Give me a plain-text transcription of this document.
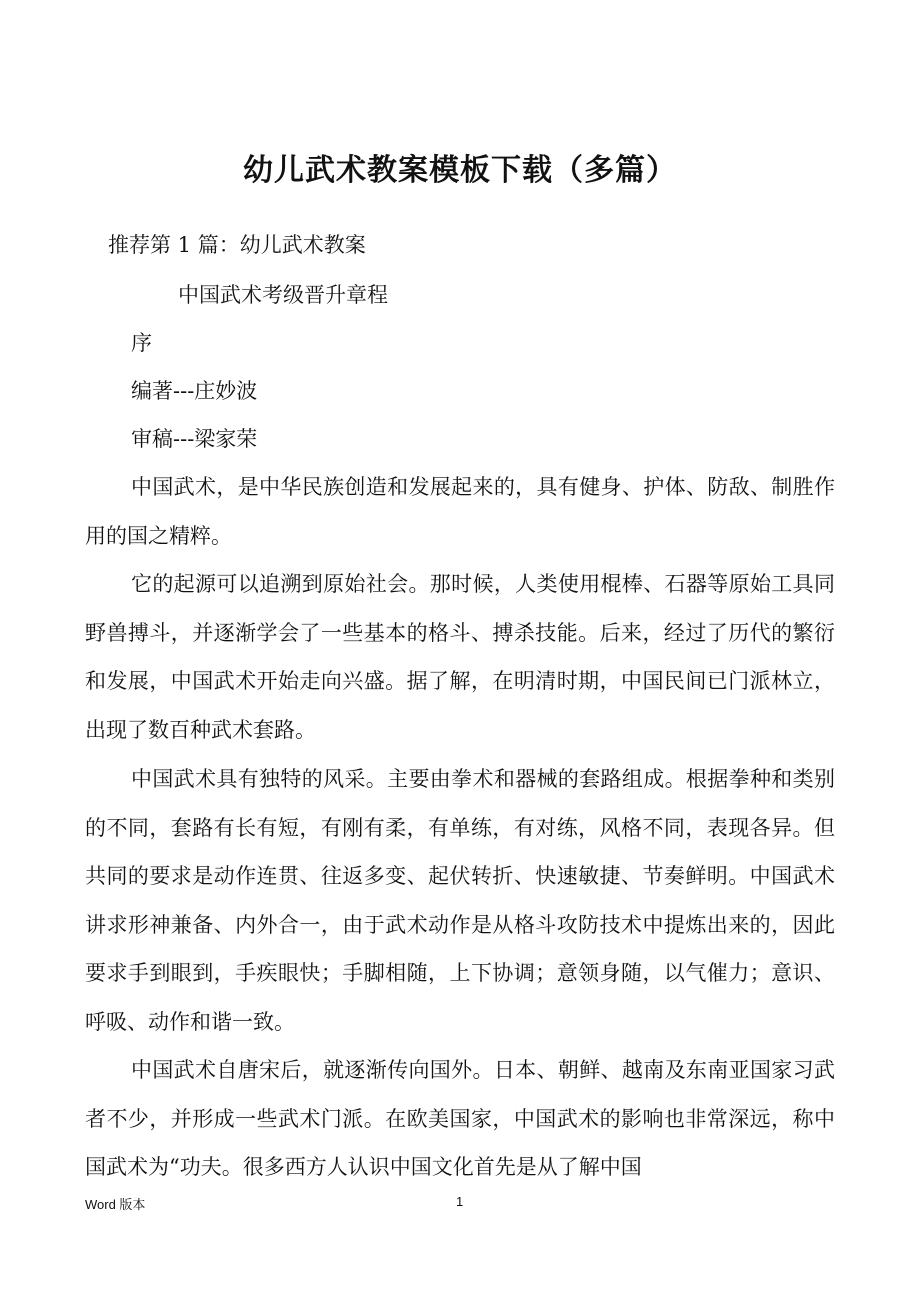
幼儿武术教案模板下载（多篇）
推荐第 1 篇：幼儿武术教案
中国武术考级晋升章程
序
编著---庄妙波
审稿---梁家荣

中国武术，是中华民族创造和发展起来的，具有健身、护体、防敌、制胜作用的国之精粹。

它的起源可以追溯到原始社会。那时候，人类使用棍棒、石器等原始工具同野兽搏斗，并逐渐学会了一些基本的格斗、搏杀技能。后来，经过了历代的繁衍和发展，中国武术开始走向兴盛。据了解，在明清时期，中国民间已门派林立，出现了数百种武术套路。

中国武术具有独特的风采。主要由拳术和器械的套路组成。根据拳种和类别的不同，套路有长有短，有刚有柔，有单练，有对练，风格不同，表现各异。但共同的要求是动作连贯、往返多变、起伏转折、快速敏捷、节奏鲜明。中国武术讲求形神兼备、内外合一，由于武术动作是从格斗攻防技术中提炼出来的，因此要求手到眼到，手疾眼快；手脚相随，上下协调；意领身随，以气催力；意识、呼吸、动作和谐一致。

中国武术自唐宋后，就逐渐传向国外。日本、朝鲜、越南及东南亚国家习武者不少，并形成一些武术门派。在欧美国家，中国武术的影响也非常深远，称中国武术为“功夫。很多西方人认识中国文化首先是从了解中国

Word 版本	1
